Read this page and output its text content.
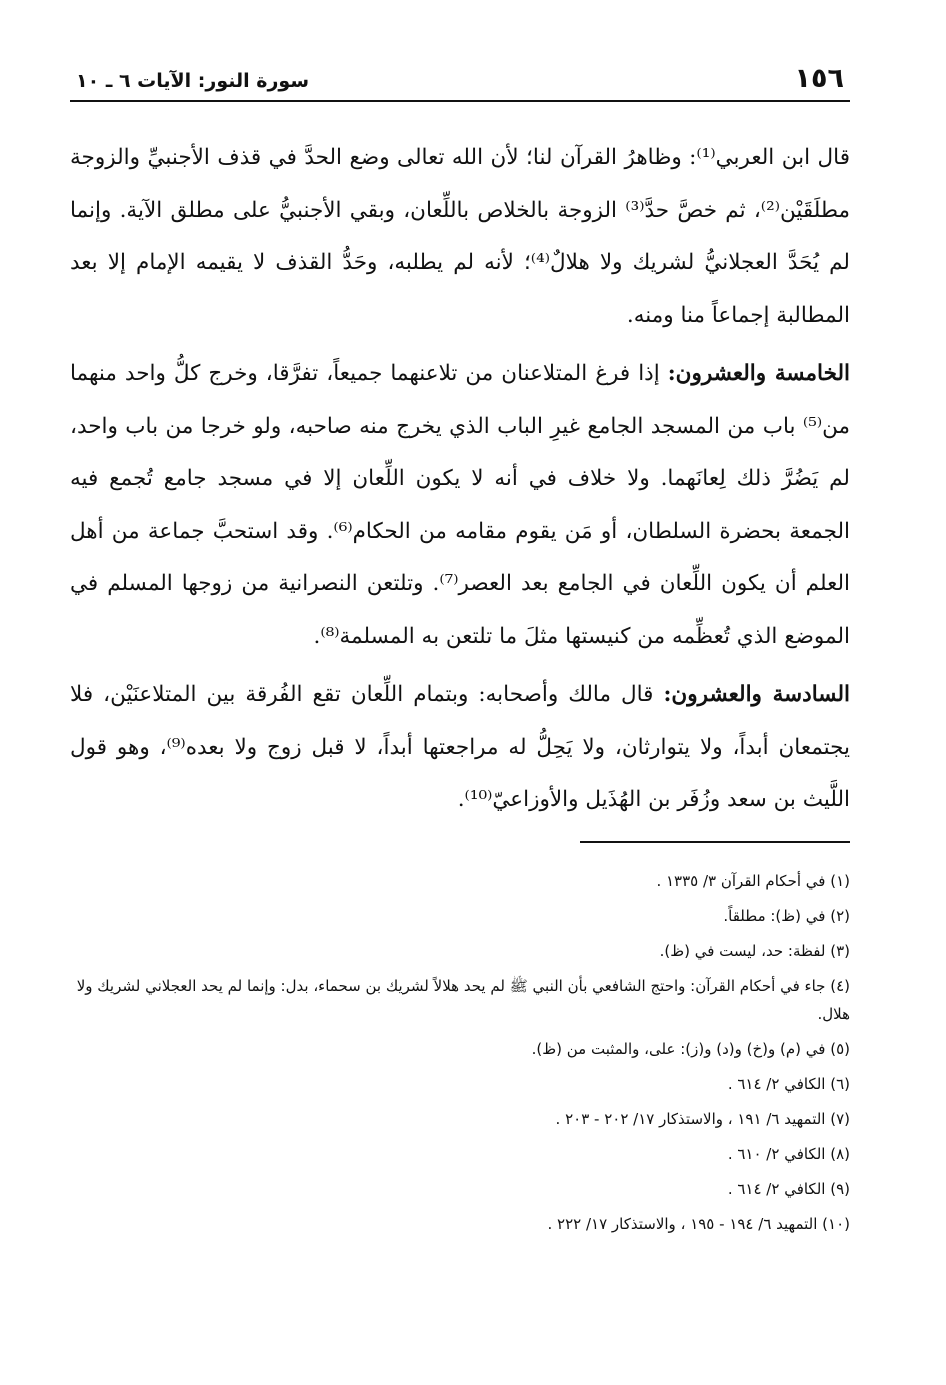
١٥٦
سورة النور: الآيات ٦ ـ ١٠

قال ابن العربي⁽¹⁾: وظاهرُ القرآن لنا؛ لأن الله تعالى وضع الحدَّ في قذف الأجنبيِّ والزوجة مطلَقَيْن⁽²⁾، ثم خصَّ حدَّ⁽³⁾ الزوجة بالخلاص باللِّعان، وبقي الأجنبيُّ على مطلق الآية. وإنما لم يُحَدَّ العجلانيُّ لشريك ولا هلالٌ⁽⁴⁾؛ لأنه لم يطلبه، وحَدُّ القذف لا يقيمه الإمام إلا بعد المطالبة إجماعاً منا ومنه.

الخامسة والعشرون: إذا فرغ المتلاعنان من تلاعنهما جميعاً، تفرَّقا، وخرج كلُّ واحد منهما من⁽⁵⁾ باب من المسجد الجامع غيرِ الباب الذي يخرج منه صاحبه، ولو خرجا من باب واحد، لم يَضُرَّ ذلك لِعانَهما. ولا خلاف في أنه لا يكون اللِّعان إلا في مسجد جامع تُجمع فيه الجمعة بحضرة السلطان، أو مَن يقوم مقامه من الحكام⁽⁶⁾. وقد استحبَّ جماعة من أهل العلم أن يكون اللِّعان في الجامع بعد العصر⁽⁷⁾. وتلتعن النصرانية من زوجها المسلم في الموضع الذي تُعظِّمه من كنيستها مثلَ ما تلتعن به المسلمة⁽⁸⁾.

السادسة والعشرون: قال مالك وأصحابه: وبتمام اللِّعان تقع الفُرقة بين المتلاعنَيْن، فلا يجتمعان أبداً، ولا يتوارثان، ولا يَحِلُّ له مراجعتها أبداً، لا قبل زوج ولا بعده⁽⁹⁾، وهو قول اللَّيث بن سعد وزُفَر بن الهُذَيل والأوزاعيّ⁽¹⁰⁾.

(١) في أحكام القرآن ٣/ ١٣٣٥ .
(٢) في (ظ): مطلقاً.
(٣) لفظة: حد، ليست في (ظ).
(٤) جاء في أحكام القرآن: واحتج الشافعي بأن النبي ﷺ لم يحد هلالاً لشريك بن سحماء، بدل: وإنما لم يحد العجلاني لشريك ولا هلال.
(٥) في (م) و(خ) و(د) و(ز): على، والمثبت من (ظ).
(٦) الكافي ٢/ ٦١٤ .
(٧) التمهيد ٦/ ١٩١ ، والاستذكار ١٧/ ٢٠٢ - ٢٠٣ .
(٨) الكافي ٢/ ٦١٠ .
(٩) الكافي ٢/ ٦١٤ .
(١٠) التمهيد ٦/ ١٩٤ - ١٩٥ ، والاستذكار ١٧/ ٢٢٢ .
